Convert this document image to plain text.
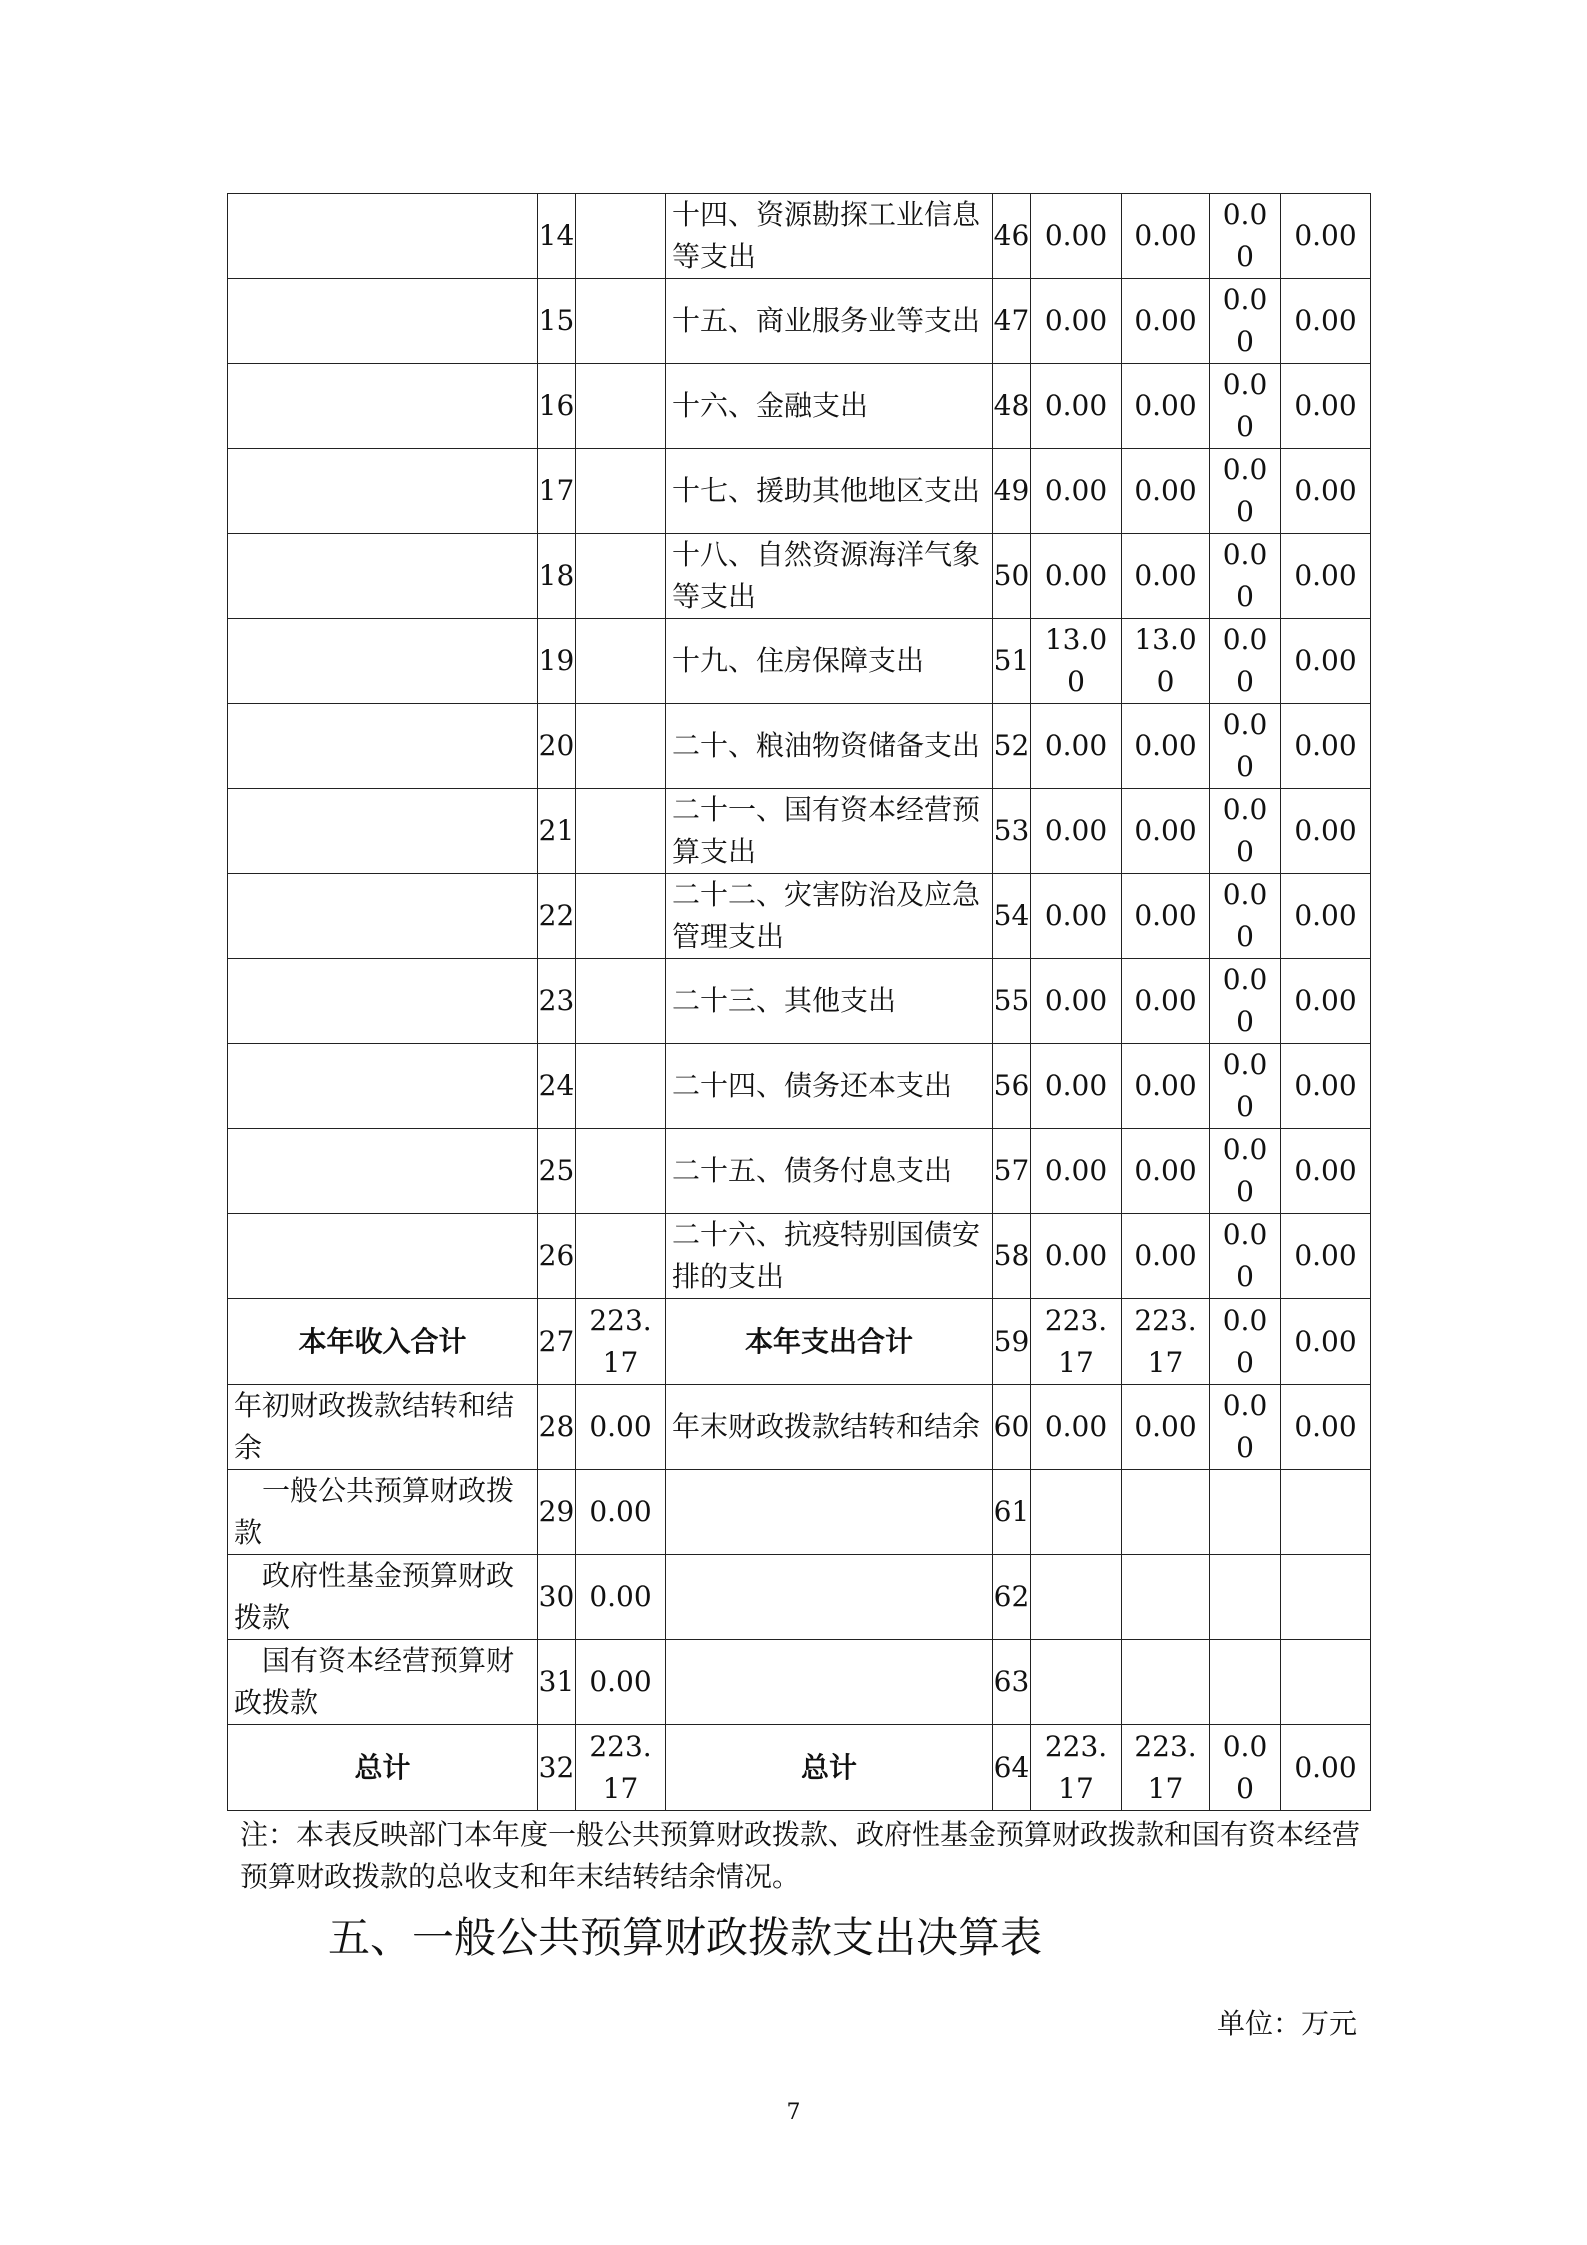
	14		十四、资源勘探工业信息等支出	46	0.00	0.00	0.00	0.00
	15		十五、商业服务业等支出	47	0.00	0.00	0.00	0.00
	16		十六、金融支出	48	0.00	0.00	0.00	0.00
	17		十七、援助其他地区支出	49	0.00	0.00	0.00	0.00
	18		十八、自然资源海洋气象等支出	50	0.00	0.00	0.00	0.00
	19		十九、住房保障支出	51	13.00	13.00	0.00	0.00
	20		二十、粮油物资储备支出	52	0.00	0.00	0.00	0.00
	21		二十一、国有资本经营预算支出	53	0.00	0.00	0.00	0.00
	22		二十二、灾害防治及应急管理支出	54	0.00	0.00	0.00	0.00
	23		二十三、其他支出	55	0.00	0.00	0.00	0.00
	24		二十四、债务还本支出	56	0.00	0.00	0.00	0.00
	25		二十五、债务付息支出	57	0.00	0.00	0.00	0.00
	26		二十六、抗疫特别国债安排的支出	58	0.00	0.00	0.00	0.00
本年收入合计	27	223.17	本年支出合计	59	223.17	223.17	0.00	0.00
年初财政拨款结转和结余	28	0.00	年末财政拨款结转和结余	60	0.00	0.00	0.00	0.00
一般公共预算财政拨款	29	0.00		61				
政府性基金预算财政拨款	30	0.00		62				
国有资本经营预算财政拨款	31	0.00		63				
总计	32	223.17	总计	64	223.17	223.17	0.00	0.00
注：本表反映部门本年度一般公共预算财政拨款、政府性基金预算财政拨款和国有资本经营预算财政拨款的总收支和年末结转结余情况。
五、一般公共预算财政拨款支出决算表
单位：万元
7
